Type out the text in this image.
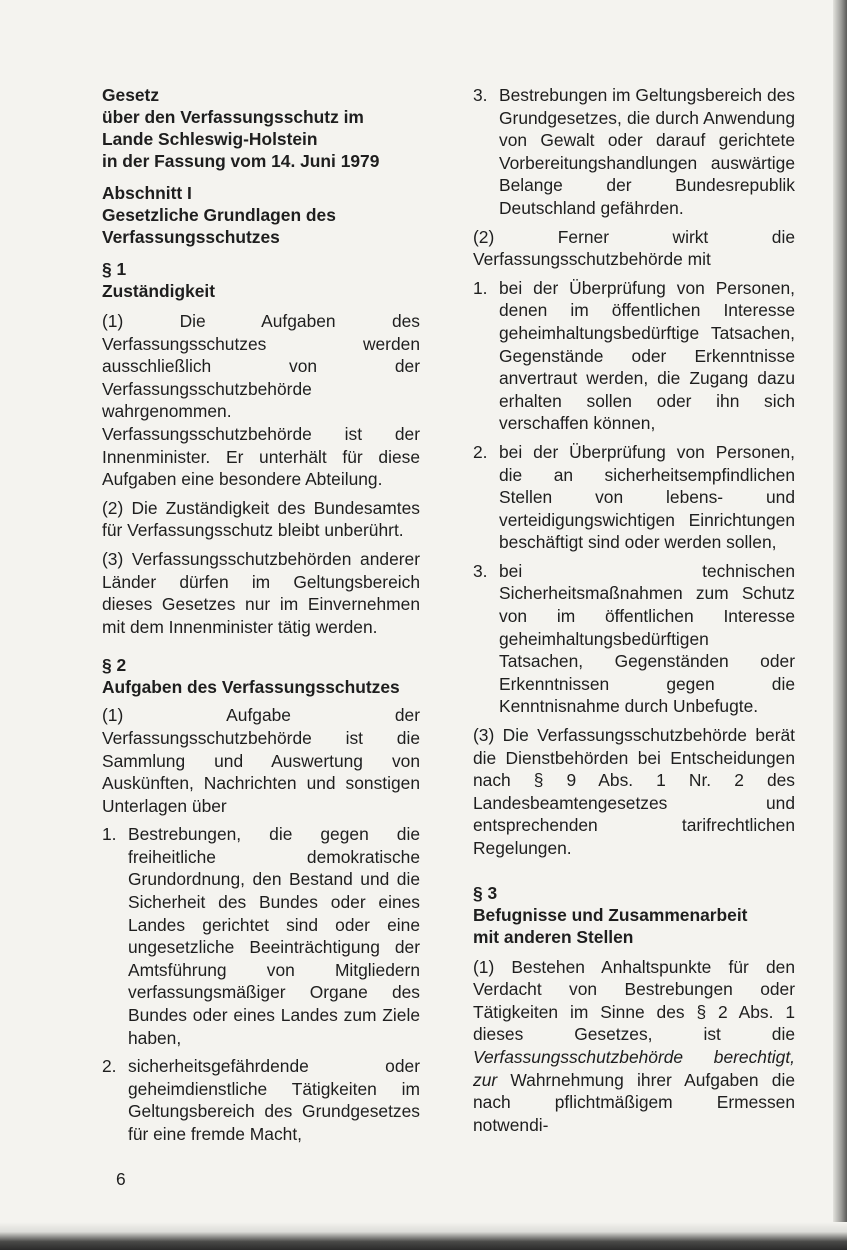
Gesetz
über den Verfassungsschutz im
Lande Schleswig-Holstein
in der Fassung vom 14. Juni 1979
Abschnitt I
Gesetzliche Grundlagen des
Verfassungsschutzes
§ 1
Zuständigkeit

(1) Die Aufgaben des Verfassungsschutzes werden ausschließlich von der Verfassungsschutzbehörde wahrgenommen. Verfassungsschutzbehörde ist der Innenminister. Er unterhält für diese Aufgaben eine besondere Abteilung.

(2) Die Zuständigkeit des Bundesamtes für Verfassungsschutz bleibt unberührt.

(3) Verfassungsschutzbehörden anderer Länder dürfen im Geltungsbereich dieses Gesetzes nur im Einvernehmen mit dem Innenminister tätig werden.

§ 2
Aufgaben des Verfassungsschutzes

(1) Aufgabe der Verfassungsschutzbehörde ist die Sammlung und Auswertung von Auskünften, Nachrichten und sonstigen Unterlagen über

1. Bestrebungen, die gegen die freiheitliche demokratische Grundordnung, den Bestand und die Sicherheit des Bundes oder eines Landes gerichtet sind oder eine ungesetzliche Beeinträchtigung der Amtsführung von Mitgliedern verfassungsmäßiger Organe des Bundes oder eines Landes zum Ziele haben,
2. sicherheitsgefährdende oder geheimdienstliche Tätigkeiten im Geltungsbereich des Grundgesetzes für eine fremde Macht,
3. Bestrebungen im Geltungsbereich des Grundgesetzes, die durch Anwendung von Gewalt oder darauf gerichtete Vorbereitungshandlungen auswärtige Belange der Bundesrepublik Deutschland gefährden.

(2) Ferner wirkt die Verfassungsschutzbehörde mit

1. bei der Überprüfung von Personen, denen im öffentlichen Interesse geheimhaltungsbedürftige Tatsachen, Gegenstände oder Erkenntnisse anvertraut werden, die Zugang dazu erhalten sollen oder ihn sich verschaffen können,
2. bei der Überprüfung von Personen, die an sicherheitsempfindlichen Stellen von lebens- und verteidigungswichtigen Einrichtungen beschäftigt sind oder werden sollen,
3. bei technischen Sicherheitsmaßnahmen zum Schutz von im öffentlichen Interesse geheimhaltungsbedürftigen Tatsachen, Gegenständen oder Erkenntnissen gegen die Kenntnisnahme durch Unbefugte.

(3) Die Verfassungsschutzbehörde berät die Dienstbehörden bei Entscheidungen nach § 9 Abs. 1 Nr. 2 des Landesbeamtengesetzes und entsprechenden tarifrechtlichen Regelungen.

§ 3
Befugnisse und Zusammenarbeit
mit anderen Stellen

(1) Bestehen Anhaltspunkte für den Verdacht von Bestrebungen oder Tätigkeiten im Sinne des § 2 Abs. 1 dieses Gesetzes, ist die Verfassungsschutzbehörde berechtigt, zur Wahrnehmung ihrer Aufgaben die nach pflichtmäßigem Ermessen notwendi-

6
